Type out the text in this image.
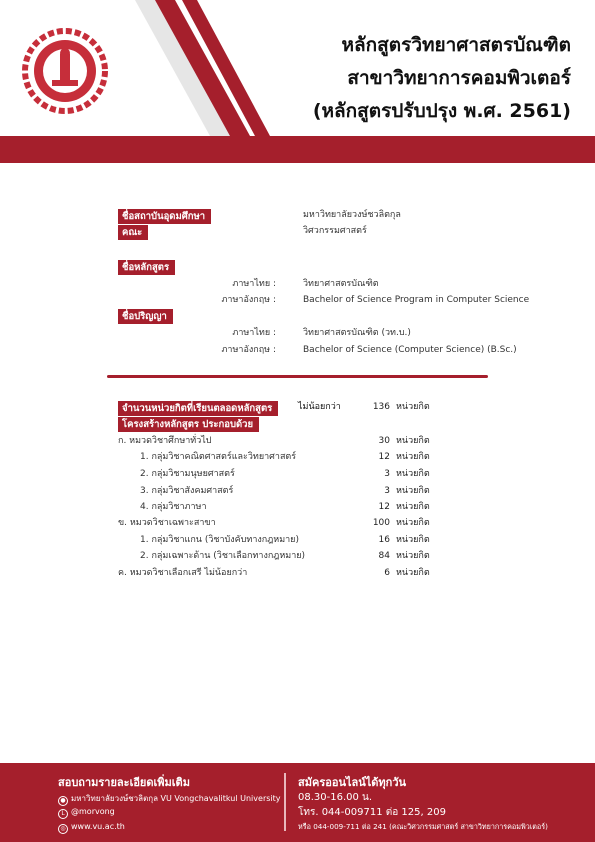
หลักสูตรวิทยาศาสตรบัณฑิต
สาขาวิทยาการคอมพิวเตอร์
(หลักสูตรปรับปรุง พ.ศ. 2561)
ชื่อสถาบันอุดมศึกษา	มหาวิทยาลัยวงษ์ชวลิตกุล
คณะ	วิศวกรรมศาสตร์
ชื่อหลักสูตร
ภาษาไทย :	วิทยาศาสตรบัณฑิต
ภาษาอังกฤษ :	Bachelor of Science Program in Computer Science
ชื่อปริญญา
ภาษาไทย :	วิทยาศาสตรบัณฑิต (วท.บ.)
ภาษาอังกฤษ :	Bachelor of Science (Computer Science) (B.Sc.)
จำนวนหน่วยกิตที่เรียนตลอดหลักสูตร	ไม่น้อยกว่า	136 หน่วยกิต
โครงสร้างหลักสูตร ประกอบด้วย
ก. หมวดวิชาศึกษาทั่วไป	30 หน่วยกิต
1. กลุ่มวิชาคณิตศาสตร์และวิทยาศาสตร์	12 หน่วยกิต
2. กลุ่มวิชามนุษยศาสตร์	3 หน่วยกิต
3. กลุ่มวิชาสังคมศาสตร์	3 หน่วยกิต
4. กลุ่มวิชาภาษา	12 หน่วยกิต
ข. หมวดวิชาเฉพาะสาขา	100 หน่วยกิต
1. กลุ่มวิชาแกน (วิชาบังคับทางกฎหมาย)	16 หน่วยกิต
2. กลุ่มเฉพาะด้าน (วิชาเลือกทางกฎหมาย)	84 หน่วยกิต
ค. หมวดวิชาเลือกเสรี ไม่น้อยกว่า	6 หน่วยกิต
สอบถามรายละเอียดเพิ่มเติม
● มหาวิทยาลัยวงษ์ชวลิตกุล VU Vongchavalitkul University
L @morvong
◎ www.vu.ac.th
สมัครออนไลน์ได้ทุกวัน
08.30-16.00 น.
โทร. 044-009711 ต่อ 125, 209
หรือ 044-009-711 ต่อ 241 (คณะวิศวกรรมศาสตร์ สาขาวิทยาการคอมพิวเตอร์)
